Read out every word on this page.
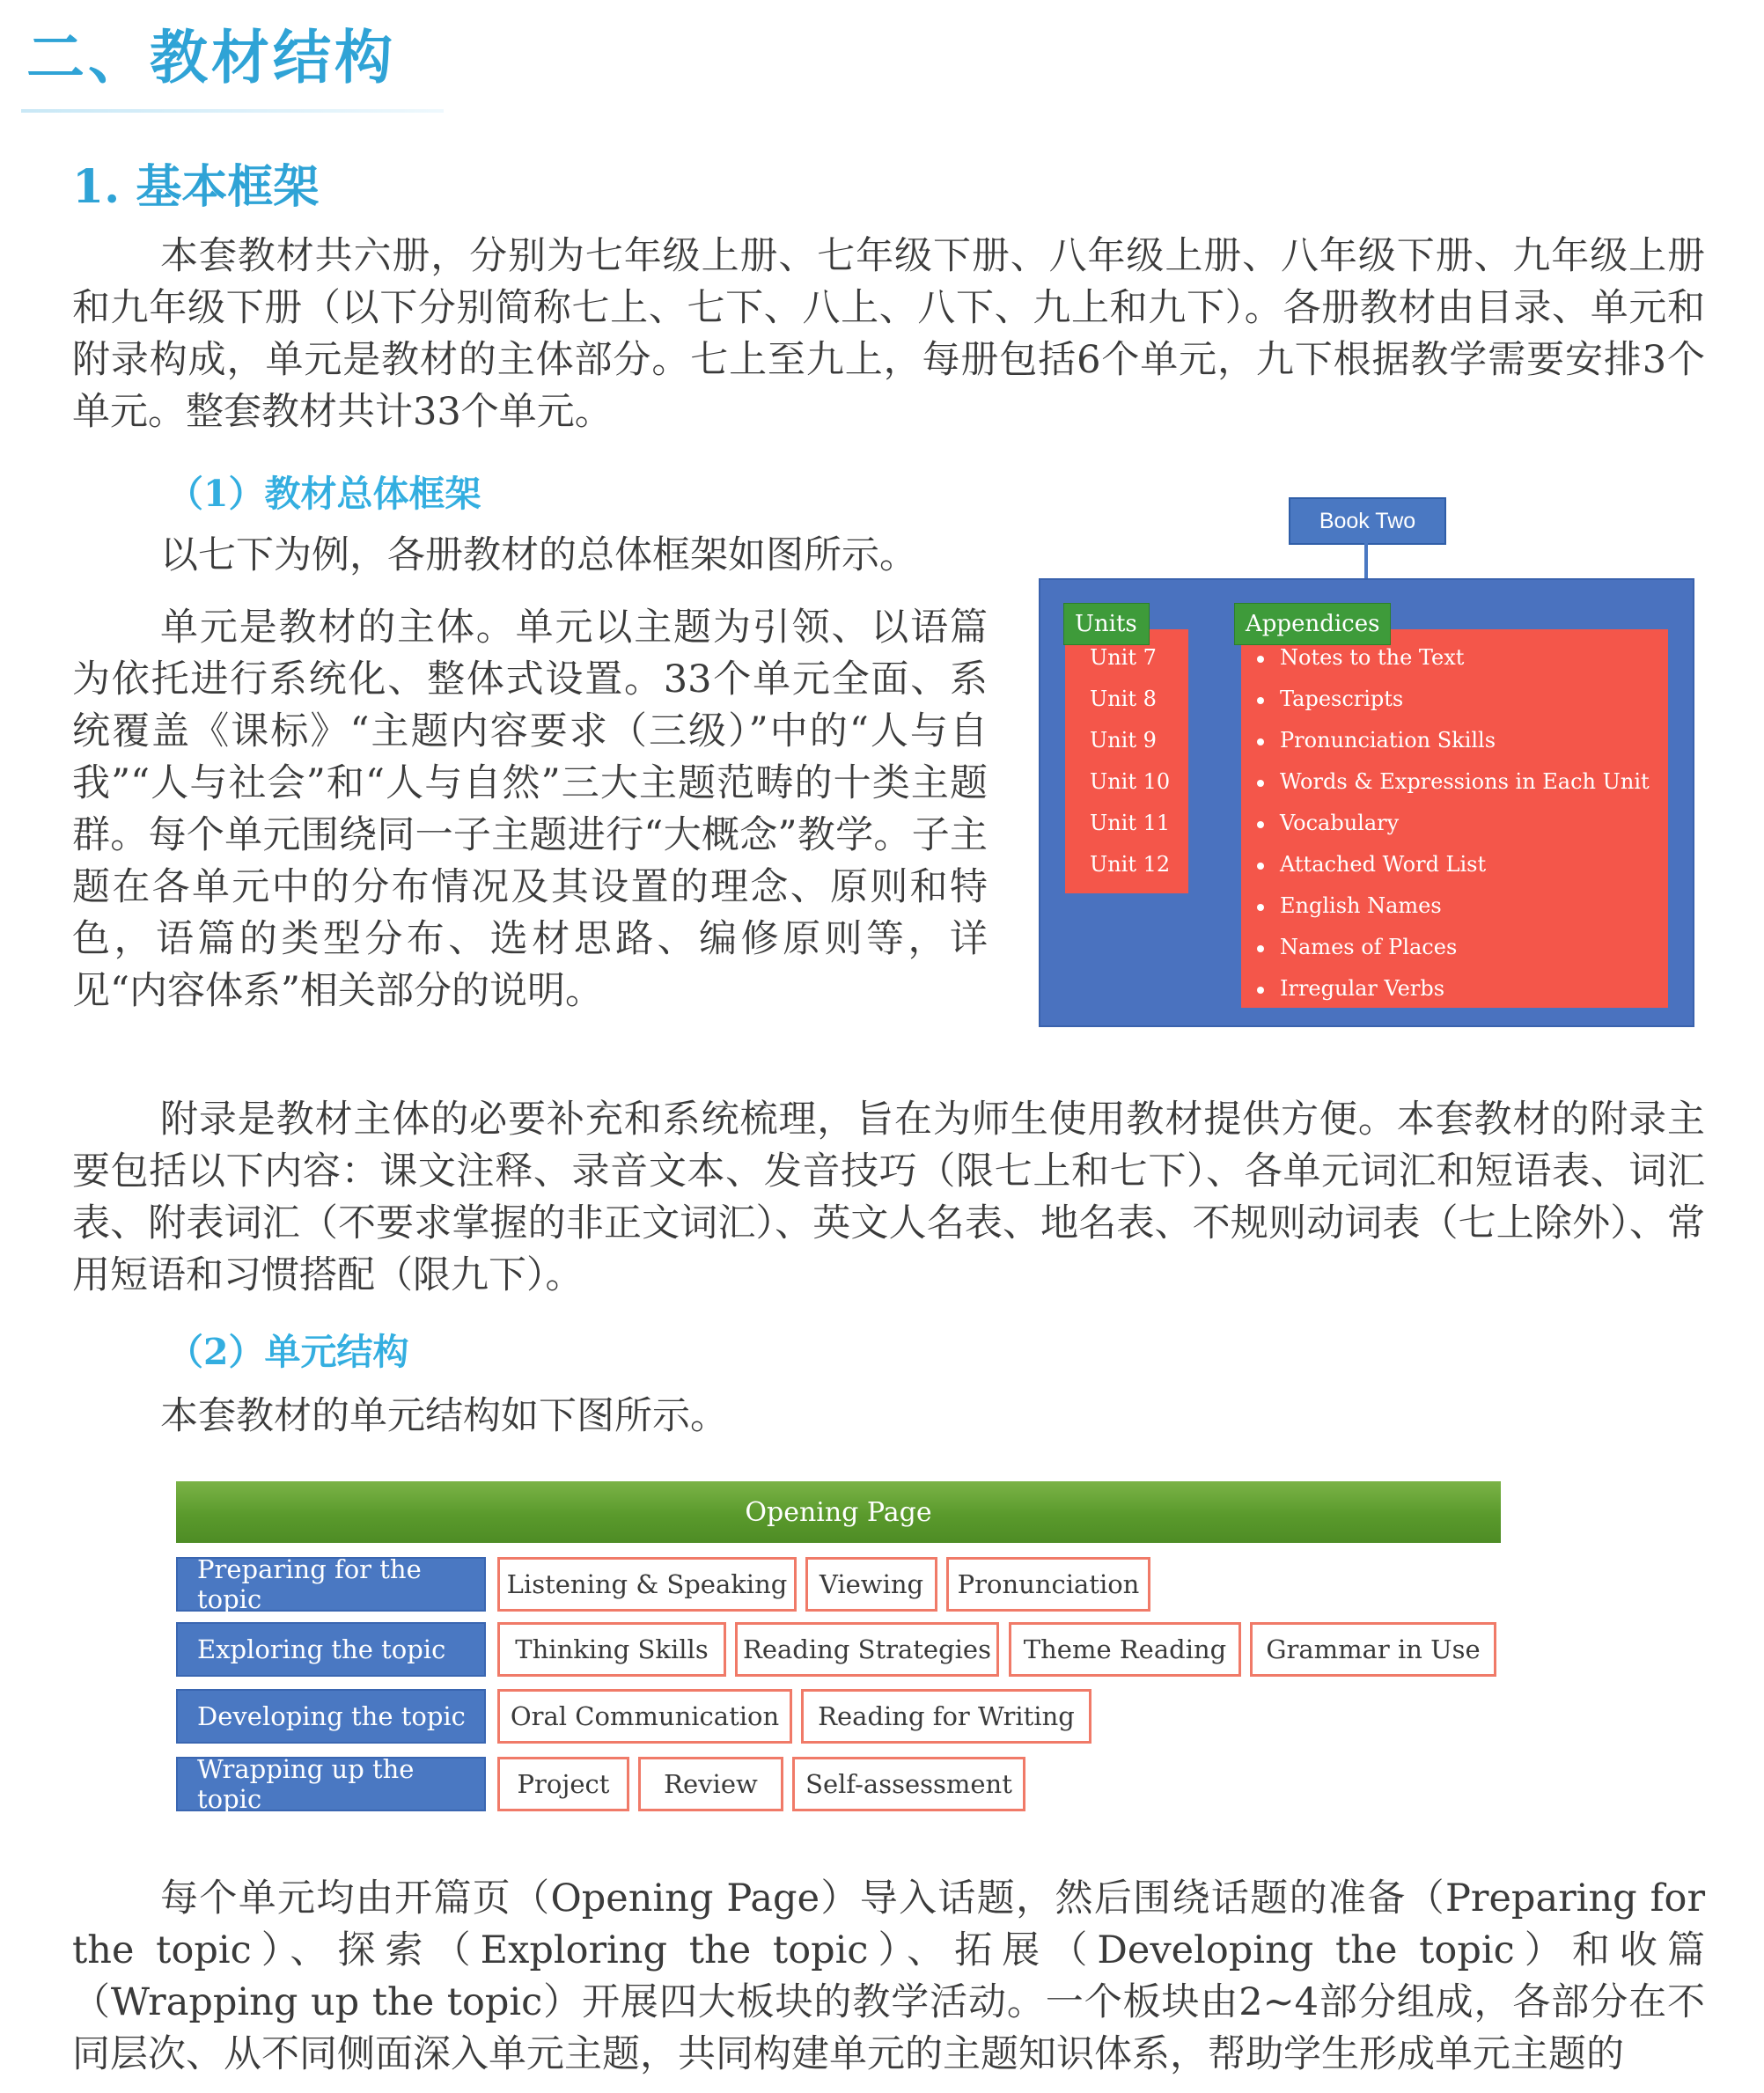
二、教材结构
1. 基本框架

本套教材共六册，分别为七年级上册、七年级下册、八年级上册、八年级下册、九年级上册和九年级下册（以下分别简称七上、七下、八上、八下、九上和九下）。各册教材由目录、单元和附录构成，单元是教材的主体部分。七上至九上，每册包括6个单元，九下根据教学需要安排3个单元。整套教材共计33个单元。

（1）教材总体框架

以七下为例，各册教材的总体框架如图所示。

单元是教材的主体。单元以主题为引领、以语篇为依托进行系统化、整体式设置。33个单元全面、系统覆盖《课标》“主题内容要求（三级）”中的“人与自我”“人与社会”和“人与自然”三大主题范畴的十类主题群。每个单元围绕同一子主题进行“大概念”教学。子主题在各单元中的分布情况及其设置的理念、原则和特色，语篇的类型分布、选材思路、编修原则等，详见“内容体系”相关部分的说明。

Book Two
Units	Appendices
Unit 7
Unit 8
Unit 9
Unit 10
Unit 11
Unit 12
Notes to the Text
Tapescripts
Pronunciation Skills
Words & Expressions in Each Unit
Vocabulary
Attached Word List
English Names
Names of Places
Irregular Verbs

附录是教材主体的必要补充和系统梳理，旨在为师生使用教材提供方便。本套教材的附录主要包括以下内容：课文注释、录音文本、发音技巧（限七上和七下）、各单元词汇和短语表、词汇表、附表词汇（不要求掌握的非正文词汇）、英文人名表、地名表、不规则动词表（七上除外）、常用短语和习惯搭配（限九下）。

（2）单元结构

本套教材的单元结构如下图所示。

Opening Page
Preparing for the topic	Listening & Speaking	Viewing	Pronunciation
Exploring the topic	Thinking Skills	Reading Strategies	Theme Reading	Grammar in Use
Developing the topic	Oral Communication	Reading for Writing
Wrapping up the topic	Project	Review	Self-assessment

每个单元均由开篇页（Opening Page）导入话题，然后围绕话题的准备（Preparing for the topic）、探索（Exploring the topic）、拓展（Developing the topic）和收篇（Wrapping up the topic）开展四大板块的教学活动。一个板块由2~4部分组成，各部分在不同层次、从不同侧面深入单元主题，共同构建单元的主题知识体系，帮助学生形成单元主题的
